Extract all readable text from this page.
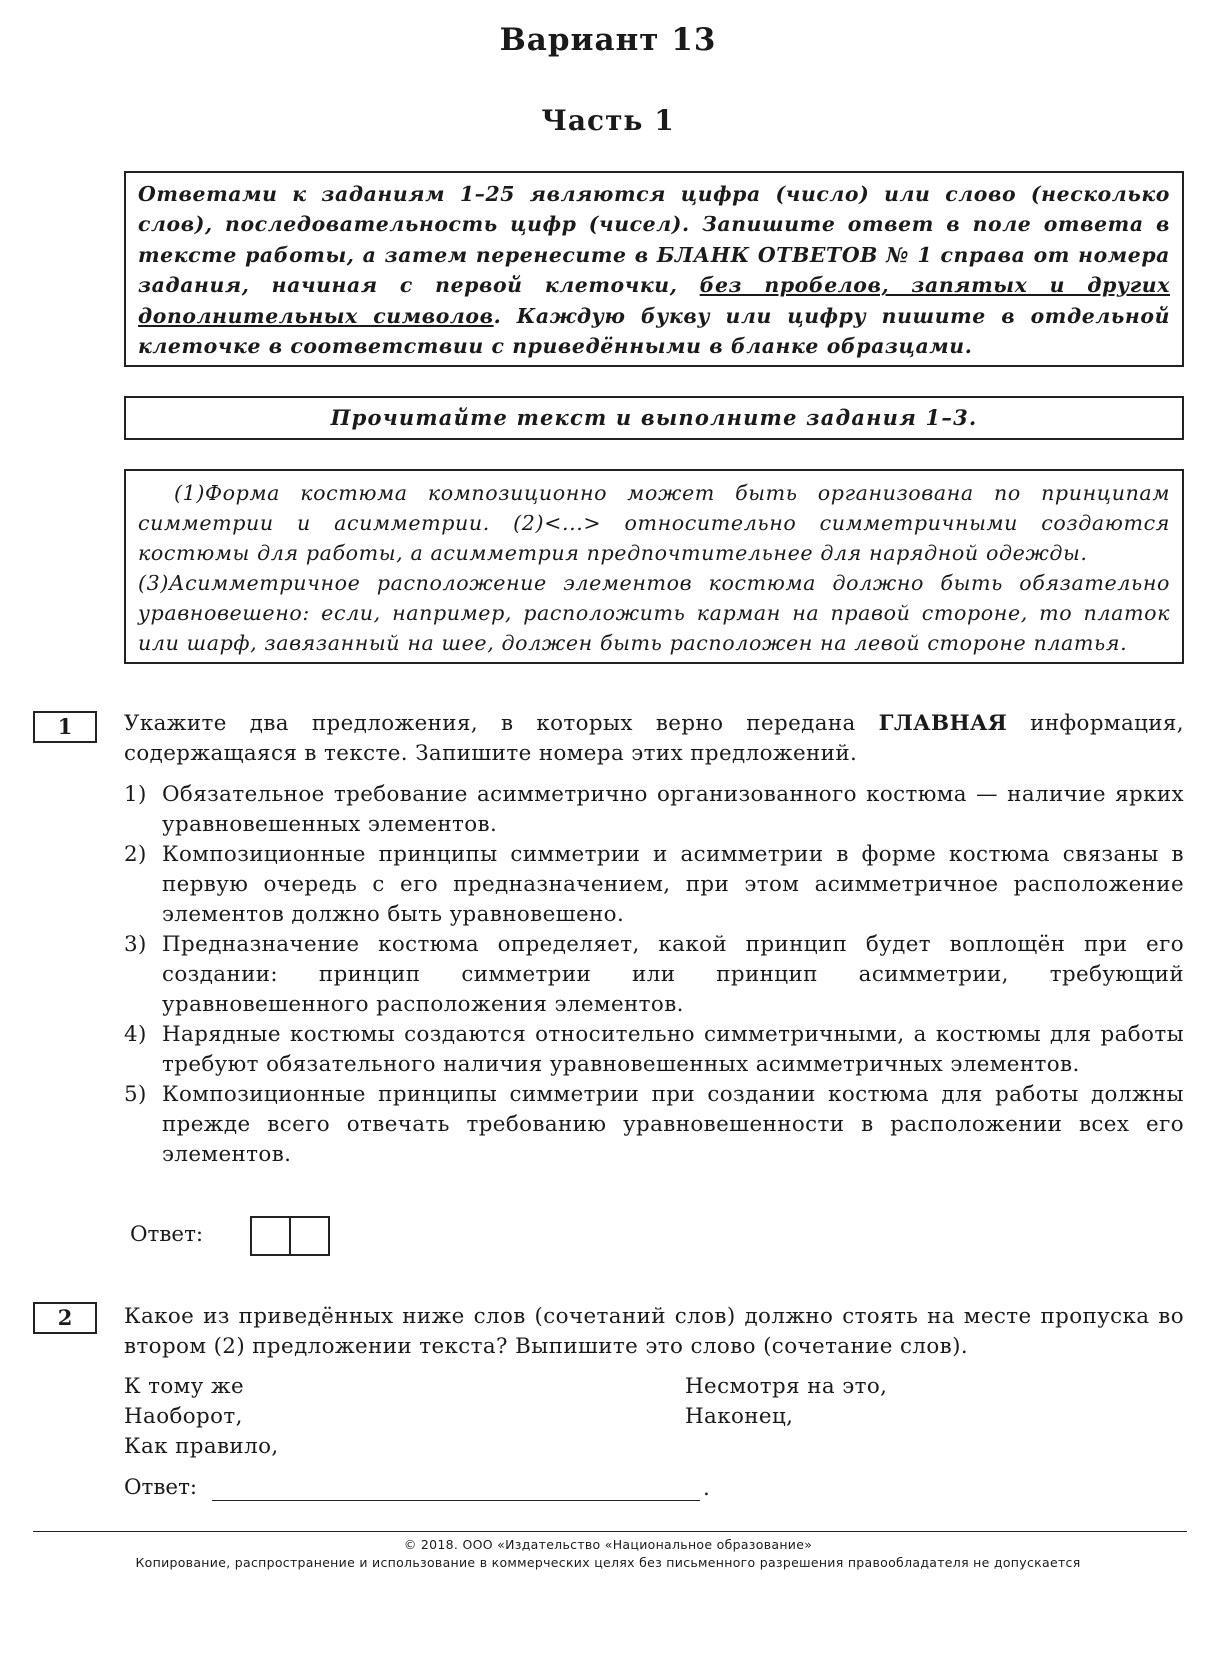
Вариант 13
Часть 1
Ответами к заданиям 1–25 являются цифра (число) или слово (несколько слов), последовательность цифр (чисел). Запишите ответ в поле ответа в тексте работы, а затем перенесите в БЛАНК ОТВЕТОВ № 1 справа от номера задания, начиная с первой клеточки, без пробелов, запятых и других дополнительных символов. Каждую букву или цифру пишите в отдельной клеточке в соответствии с приведёнными в бланке образцами.
Прочитайте текст и выполните задания 1–3.

(1)Форма костюма композиционно может быть организована по принципам симметрии и асимметрии. (2)<...> относительно симметричными создаются костюмы для работы, а асимметрия предпочтительнее для нарядной одежды.
(3)Асимметричное расположение элементов костюма должно быть обязательно уравновешено: если, например, расположить карман на правой стороне, то платок или шарф, завязанный на шее, должен быть расположен на левой стороне платья.

1	Укажите два предложения, в которых верно передана ГЛАВНАЯ информация, содержащаяся в тексте. Запишите номера этих предложений.
1) Обязательное требование асимметрично организованного костюма — наличие ярких уравновешенных элементов.
2) Композиционные принципы симметрии и асимметрии в форме костюма связаны в первую очередь с его предназначением, при этом асимметричное расположение элементов должно быть уравновешено.
3) Предназначение костюма определяет, какой принцип будет воплощён при его создании: принцип симметрии или принцип асимметрии, требующий уравновешенного расположения элементов.
4) Нарядные костюмы создаются относительно симметричными, а костюмы для работы требуют обязательного наличия уравновешенных асимметричных элементов.
5) Композиционные принципы симметрии при создании костюма для работы должны прежде всего отвечать требованию уравновешенности в расположении всех его элементов.
Ответ:
2	Какое из приведённых ниже слов (сочетаний слов) должно стоять на месте пропуска во втором (2) предложении текста? Выпишите это слово (сочетание слов).
К тому же
Наоборот,
Как правило,
Несмотря на это,
Наконец,
Ответ:	.
© 2018. ООО «Издательство «Национальное образование»
Копирование, распространение и использование в коммерческих целях без письменного разрешения правообладателя не допускается
